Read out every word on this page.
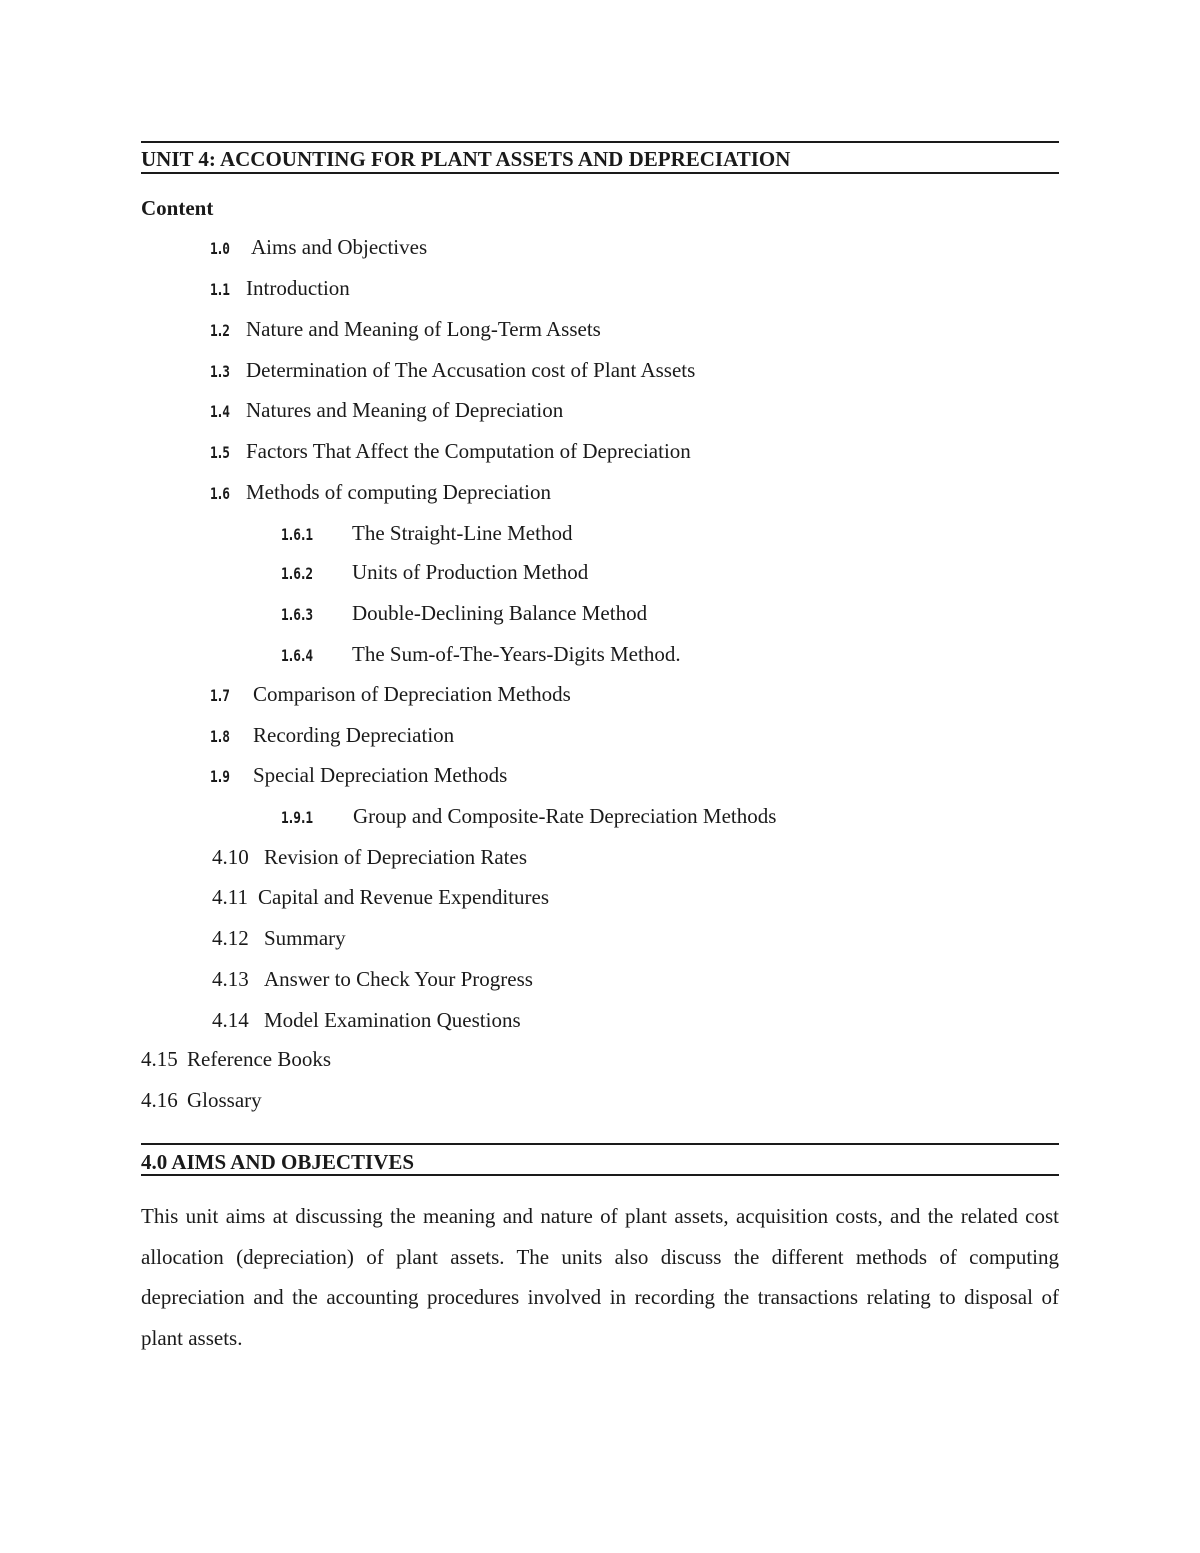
UNIT 4: ACCOUNTING FOR PLANT ASSETS AND DEPRECIATION
Content
1.0 Aims and Objectives
1.1 Introduction
1.2 Nature and Meaning of Long-Term Assets
1.3 Determination of The Accusation cost of Plant Assets
1.4 Natures and Meaning of Depreciation
1.5 Factors That Affect the Computation of Depreciation
1.6 Methods of computing Depreciation
1.6.1 The Straight-Line Method
1.6.2 Units of Production Method
1.6.3 Double-Declining Balance Method
1.6.4 The Sum-of-The-Years-Digits Method.
1.7 Comparison of Depreciation Methods
1.8 Recording Depreciation
1.9 Special Depreciation Methods
1.9.1 Group and Composite-Rate Depreciation Methods
4.10 Revision of Depreciation Rates
4.11 Capital and Revenue Expenditures
4.12 Summary
4.13 Answer to Check Your Progress
4.14 Model Examination Questions
4.15 Reference Books
4.16 Glossary
4.0 AIMS AND OBJECTIVES
This unit aims at discussing the meaning and nature of plant assets, acquisition costs, and the related cost allocation (depreciation) of plant assets. The units also discuss the different methods of computing depreciation and the accounting procedures involved in recording the transactions relating to disposal of plant assets.
